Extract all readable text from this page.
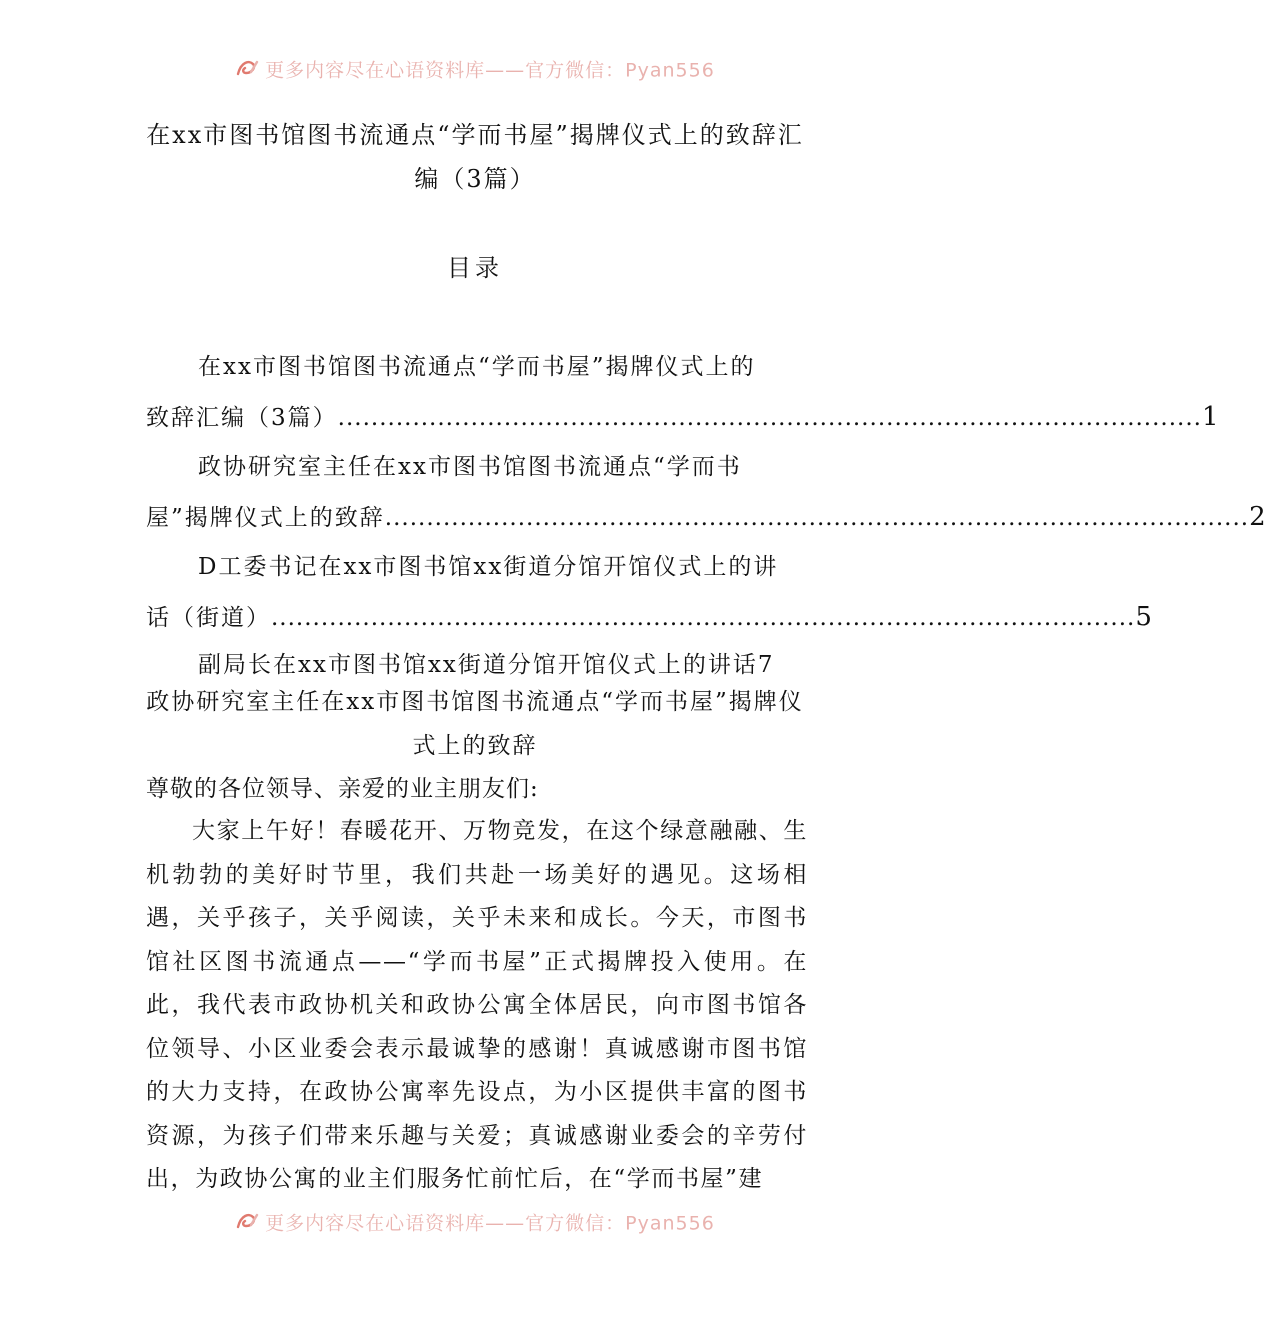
更多内容尽在心语资料库——官方微信：Pyan556
在xx市图书馆图书流通点“学而书屋”揭牌仪式上的致辞汇编（3篇）
目录
在xx市图书馆图书流通点“学而书屋”揭牌仪式上的
致辞汇编（3篇） ........................................................................................................ 1
政协研究室主任在xx市图书馆图书流通点“学而书
屋”揭牌仪式上的致辞 ........................................................................................................ 2
D工委书记在xx市图书馆xx街道分馆开馆仪式上的讲
话（街道） ........................................................................................................ 5
副局长在xx市图书馆xx街道分馆开馆仪式上的讲话7
政协研究室主任在xx市图书馆图书流通点“学而书屋”揭牌仪式上的致辞

尊敬的各位领导、亲爱的业主朋友们:

大家上午好！春暖花开、万物竞发，在这个绿意融融、生机勃勃的美好时节里，我们共赴一场美好的遇见。这场相遇，关乎孩子，关乎阅读，关乎未来和成长。今天，市图书馆社区图书流通点——“学而书屋”正式揭牌投入使用。在此，我代表市政协机关和政协公寓全体居民，向市图书馆各位领导、小区业委会表示最诚挚的感谢！真诚感谢市图书馆的大力支持，在政协公寓率先设点，为小区提供丰富的图书资源，为孩子们带来乐趣与关爱；真诚感谢业委会的辛劳付出，为政协公寓的业主们服务忙前忙后，在“学而书屋”建

更多内容尽在心语资料库——官方微信：Pyan556
